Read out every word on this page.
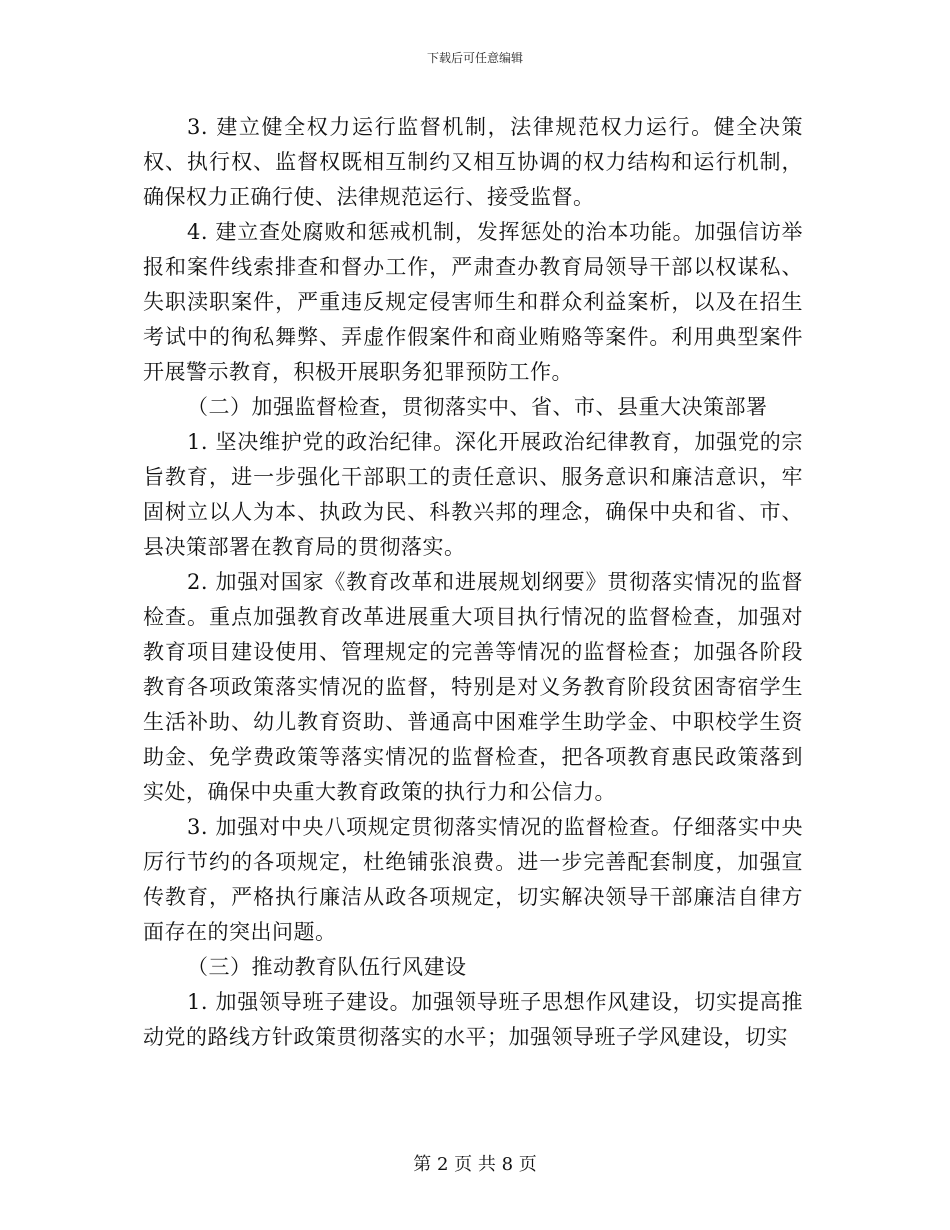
下载后可任意编辑

3. 建立健全权力运行监督机制，法律规范权力运行。健全决策权、执行权、监督权既相互制约又相互协调的权力结构和运行机制，确保权力正确行使、法律规范运行、接受监督。

4. 建立查处腐败和惩戒机制，发挥惩处的治本功能。加强信访举报和案件线索排查和督办工作，严肃查办教育局领导干部以权谋私、失职渎职案件，严重违反规定侵害师生和群众利益案析，以及在招生考试中的徇私舞弊、弄虚作假案件和商业贿赂等案件。利用典型案件开展警示教育，积极开展职务犯罪预防工作。

（二）加强监督检查，贯彻落实中、省、市、县重大决策部署

1. 坚决维护党的政治纪律。深化开展政治纪律教育，加强党的宗旨教育，进一步强化干部职工的责任意识、服务意识和廉洁意识，牢固树立以人为本、执政为民、科教兴邦的理念，确保中央和省、市、县决策部署在教育局的贯彻落实。

2. 加强对国家《教育改革和进展规划纲要》贯彻落实情况的监督检查。重点加强教育改革进展重大项目执行情况的监督检查，加强对教育项目建设使用、管理规定的完善等情况的监督检查；加强各阶段教育各项政策落实情况的监督，特别是对义务教育阶段贫困寄宿学生生活补助、幼儿教育资助、普通高中困难学生助学金、中职校学生资助金、免学费政策等落实情况的监督检查，把各项教育惠民政策落到实处，确保中央重大教育政策的执行力和公信力。

3. 加强对中央八项规定贯彻落实情况的监督检查。仔细落实中央厉行节约的各项规定，杜绝铺张浪费。进一步完善配套制度，加强宣传教育，严格执行廉洁从政各项规定，切实解决领导干部廉洁自律方面存在的突出问题。

（三）推动教育队伍行风建设

1. 加强领导班子建设。加强领导班子思想作风建设，切实提高推动党的路线方针政策贯彻落实的水平；加强领导班子学风建设，切实

第 2 页 共 8 页
